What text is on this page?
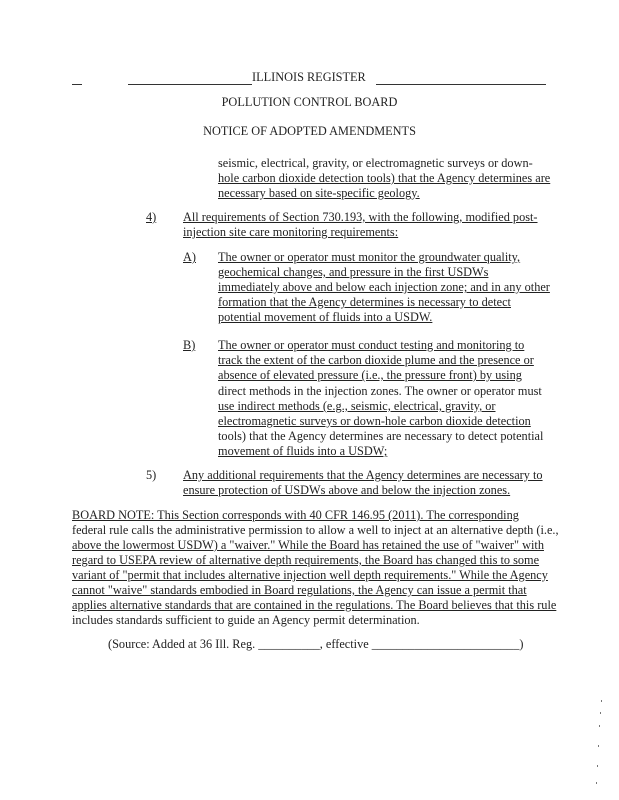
ILLINOIS REGISTER
POLLUTION CONTROL BOARD
NOTICE OF ADOPTED AMENDMENTS
seismic, electrical, gravity, or electromagnetic surveys or down-
hole carbon dioxide detection tools) that the Agency determines are
necessary based on site-specific geology.
4) All requirements of Section 730.193, with the following, modified post-
injection site care monitoring requirements:
A) The owner or operator must monitor the groundwater quality,
geochemical changes, and pressure in the first USDWs
immediately above and below each injection zone; and in any other
formation that the Agency determines is necessary to detect
potential movement of fluids into a USDW.
B) The owner or operator must conduct testing and monitoring to
track the extent of the carbon dioxide plume and the presence or
absence of elevated pressure (i.e., the pressure front) by using
direct methods in the injection zones. The owner or operator must
use indirect methods (e.g., seismic, electrical, gravity, or
electromagnetic surveys or down-hole carbon dioxide detection
tools) that the Agency determines are necessary to detect potential
movement of fluids into a USDW;
5) Any additional requirements that the Agency determines are necessary to
ensure protection of USDWs above and below the injection zones.
BOARD NOTE: This Section corresponds with 40 CFR 146.95 (2011). The corresponding
federal rule calls the administrative permission to allow a well to inject at an alternative depth (i.e.,
above the lowermost USDW) a "waiver." While the Board has retained the use of "waiver" with
regard to USEPA review of alternative depth requirements, the Board has changed this to some
variant of "permit that includes alternative injection well depth requirements." While the Agency
cannot "waive" standards embodied in Board regulations, the Agency can issue a permit that
applies alternative standards that are contained in the regulations. The Board believes that this rule
includes standards sufficient to guide an Agency permit determination.
(Source: Added at 36 Ill. Reg. __________, effective ________________________)
